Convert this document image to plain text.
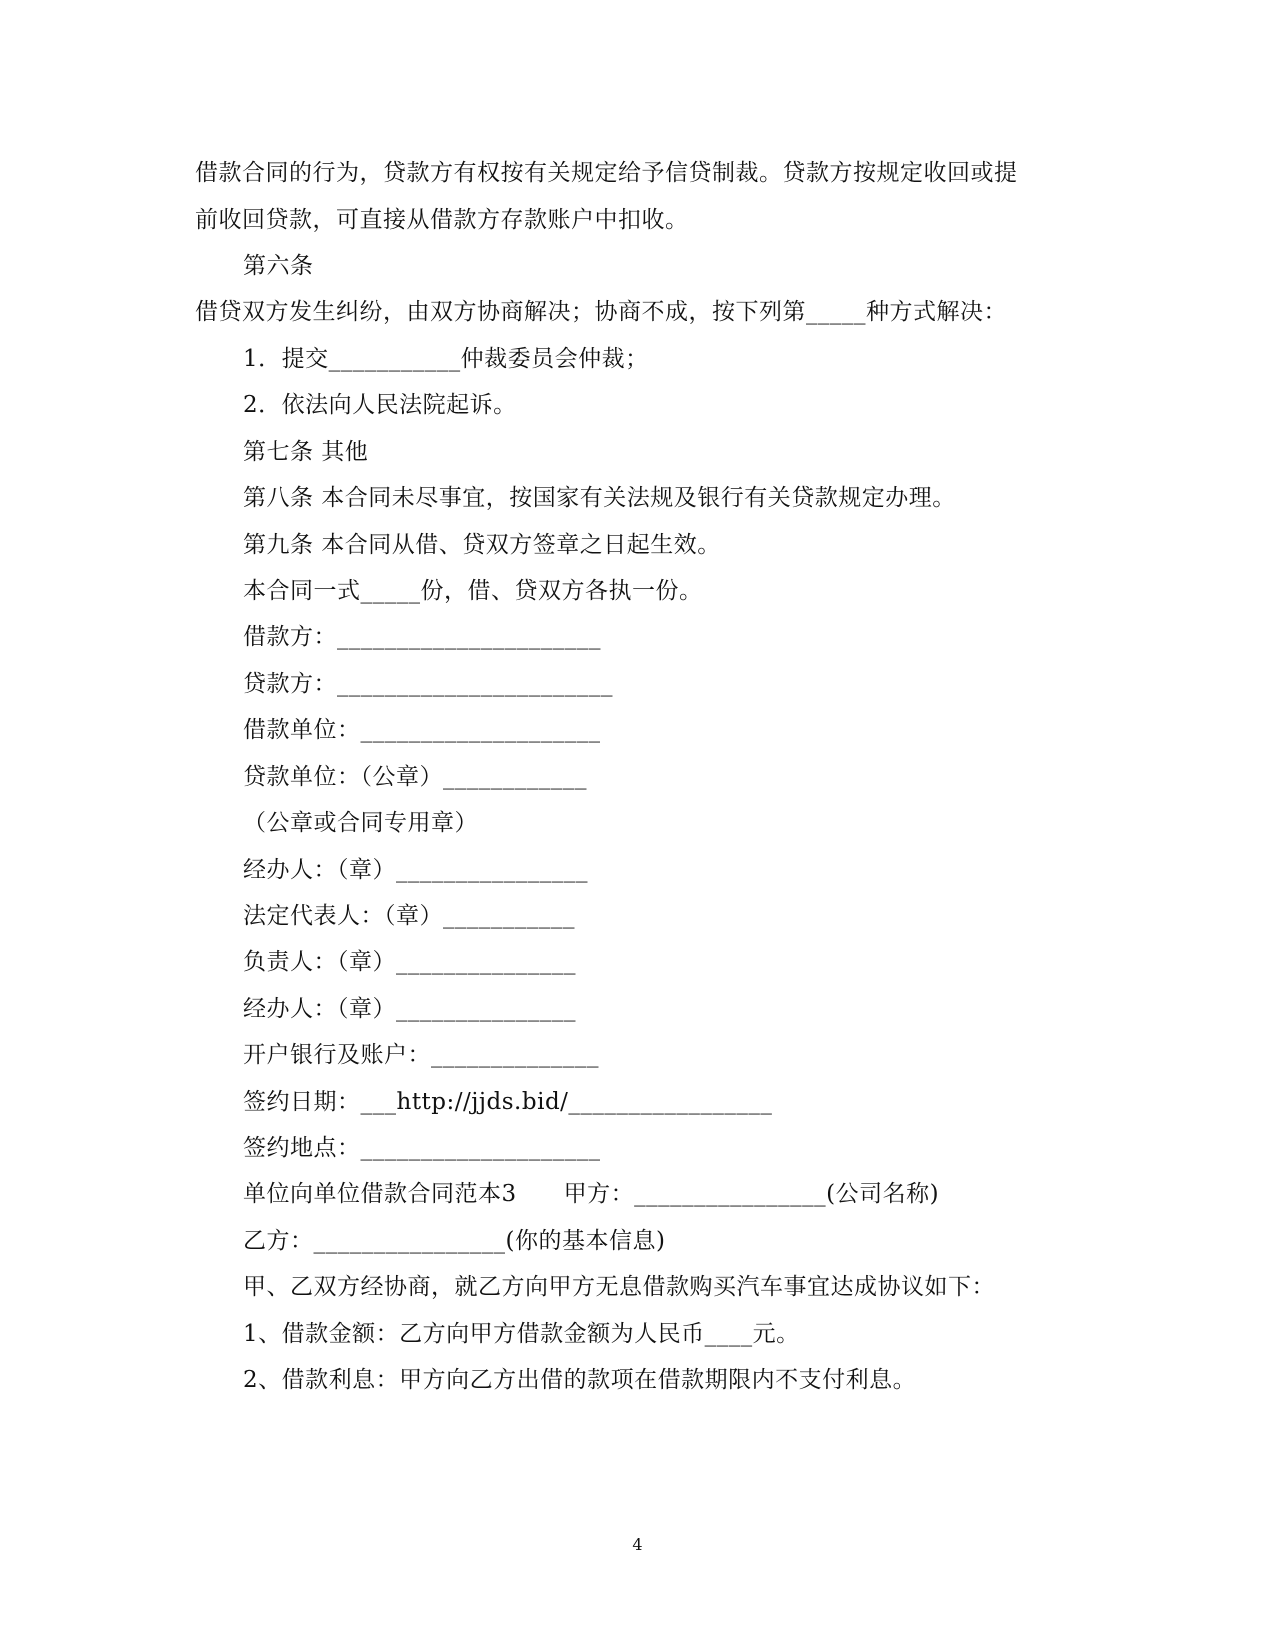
借款合同的行为，贷款方有权按有关规定给予信贷制裁。贷款方按规定收回或提
前收回贷款，可直接从借款方存款账户中扣收。
第六条
借贷双方发生纠纷，由双方协商解决；协商不成，按下列第_____种方式解决：
1．提交___________仲裁委员会仲裁；
2．依法向人民法院起诉。
第七条 其他
第八条 本合同未尽事宜，按国家有关法规及银行有关贷款规定办理。
第九条 本合同从借、贷双方签章之日起生效。
本合同一式_____份，借、贷双方各执一份。
借款方：______________________
贷款方：_______________________
借款单位：____________________
贷款单位：（公章）____________
（公章或合同专用章）
经办人：（章）________________
法定代表人：（章）___________
负责人：（章）_______________
经办人：（章）_______________
开户银行及账户：______________
签约日期：___http://jjds.bid/_________________
签约地点：____________________
单位向单位借款合同范本3　　甲方：________________(公司名称)
乙方：________________(你的基本信息)
甲、乙双方经协商，就乙方向甲方无息借款购买汽车事宜达成协议如下：
1、借款金额：乙方向甲方借款金额为人民币____元。
2、借款利息：甲方向乙方出借的款项在借款期限内不支付利息。
4
